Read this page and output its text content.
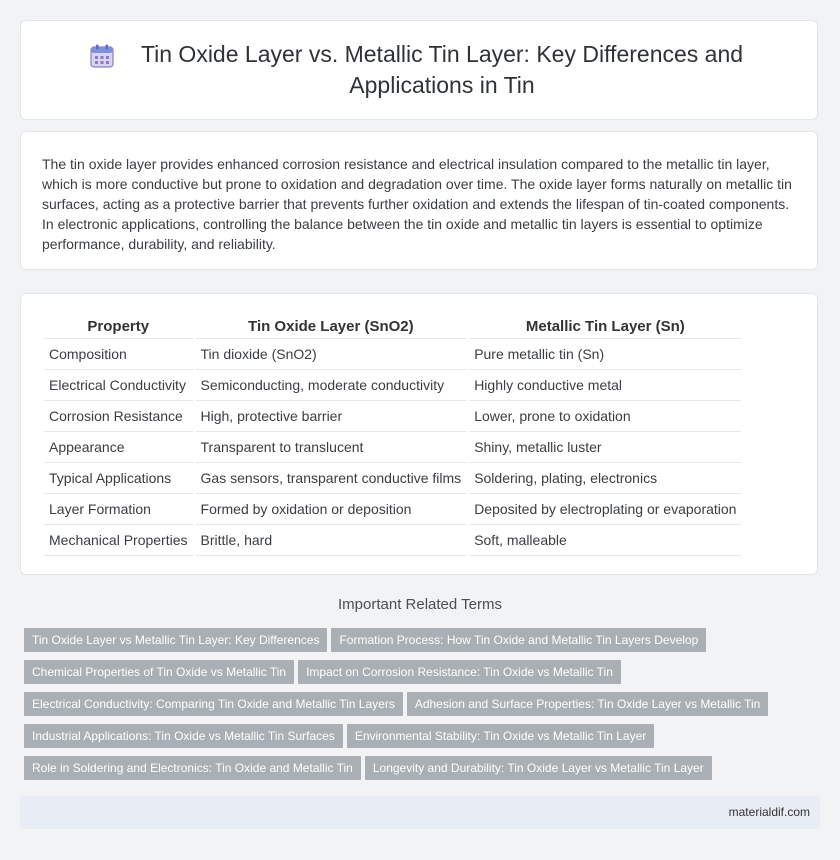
Tin Oxide Layer vs. Metallic Tin Layer: Key Differences and Applications in Tin

The tin oxide layer provides enhanced corrosion resistance and electrical insulation compared to the metallic tin layer, which is more conductive but prone to oxidation and degradation over time. The oxide layer forms naturally on metallic tin surfaces, acting as a protective barrier that prevents further oxidation and extends the lifespan of tin-coated components. In electronic applications, controlling the balance between the tin oxide and metallic tin layers is essential to optimize performance, durability, and reliability.

Property	Tin Oxide Layer (SnO2)	Metallic Tin Layer (Sn)
Composition	Tin dioxide (SnO2)	Pure metallic tin (Sn)
Electrical Conductivity	Semiconducting, moderate conductivity	Highly conductive metal
Corrosion Resistance	High, protective barrier	Lower, prone to oxidation
Appearance	Transparent to translucent	Shiny, metallic luster
Typical Applications	Gas sensors, transparent conductive films	Soldering, plating, electronics
Layer Formation	Formed by oxidation or deposition	Deposited by electroplating or evaporation
Mechanical Properties	Brittle, hard	Soft, malleable
Important Related Terms
Tin Oxide Layer vs Metallic Tin Layer: Key Differences Formation Process: How Tin Oxide and Metallic Tin Layers Develop
Chemical Properties of Tin Oxide vs Metallic Tin Impact on Corrosion Resistance: Tin Oxide vs Metallic Tin
Electrical Conductivity: Comparing Tin Oxide and Metallic Tin Layers Adhesion and Surface Properties: Tin Oxide Layer vs Metallic Tin
Industrial Applications: Tin Oxide vs Metallic Tin Surfaces Environmental Stability: Tin Oxide vs Metallic Tin Layer
Role in Soldering and Electronics: Tin Oxide and Metallic Tin Longevity and Durability: Tin Oxide Layer vs Metallic Tin Layer
materialdif.com
